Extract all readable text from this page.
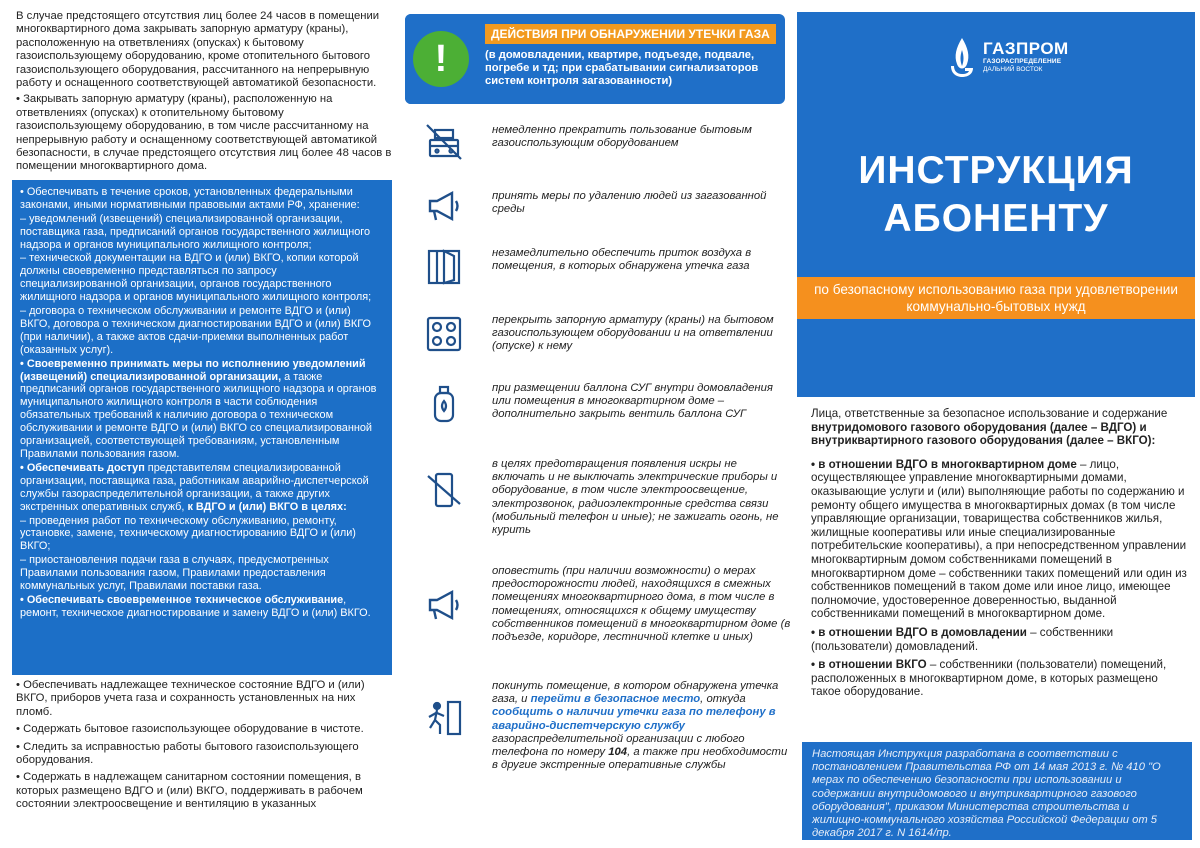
В случае предстоящего отсутствия лиц более 24 часов в помещении многоквартирного дома закрывать запорную арматуру (краны), расположенную на ответвлениях (опусках) к бытовому газоиспользующему оборудованию, кроме отопительного бытового газоиспользующего оборудования, рассчитанного на непрерывную работу и оснащенного соответствующей автоматикой безопасности.

• Закрывать запорную арматуру (краны), расположенную на ответвлениях (опусках) к отопительному бытовому газоиспользующему оборудованию, в том числе рассчитанному на непрерывную работу и оснащенному соответствующей автоматикой безопасности, в случае предстоящего отсутствия лиц более 48 часов в помещении многоквартирного дома.

• Обеспечивать в течение сроков, установленных федеральными законами, иными нормативными правовыми актами РФ, хранение:

– уведомлений (извещений) специализированной организации, поставщика газа, предписаний органов государственного жилищного надзора и органов муниципального жилищного контроля;

– технической документации на ВДГО и (или) ВКГО, копии которой должны своевременно представляться по запросу специализированной организации, органов государственного жилищного надзора и органов муниципального жилищного контроля;

– договора о техническом обслуживании и ремонте ВДГО и (или) ВКГО, договора о техническом диагностировании ВДГО и (или) ВКГО (при наличии), а также актов сдачи-приемки выполненных работ (оказанных услуг).

• Своевременно принимать меры по исполнению уведомлений (извещений) специализированной организации, а также предписаний органов государственного жилищного надзора и органов муниципального жилищного контроля в части соблюдения обязательных требований к наличию договора о техническом обслуживании и ремонте ВДГО и (или) ВКГО со специализированной организацией, соответствующей требованиям, установленным Правилами пользования газом.

• Обеспечивать доступ представителям специализированной организации, поставщика газа, работникам аварийно-диспетчерской службы газораспределительной организации, а также других экстренных оперативных служб, к ВДГО и (или) ВКГО в целях:

– проведения работ по техническому обслуживанию, ремонту, установке, замене, техническому диагностированию ВДГО и (или) ВКГО;

– приостановления подачи газа в случаях, предусмотренных Правилами пользования газом, Правилами предоставления коммунальных услуг, Правилами поставки газа.

• Обеспечивать своевременное техническое обслуживание, ремонт, техническое диагностирование и замену ВДГО и (или) ВКГО.

• Обеспечивать надлежащее техническое состояние ВДГО и (или) ВКГО, приборов учета газа и сохранность установленных на них пломб.

• Содержать бытовое газоиспользующее оборудование в чистоте.

• Следить за исправностью работы бытового газоиспользующего оборудования.

• Содержать в надлежащем санитарном состоянии помещения, в которых размещено ВДГО и (или) ВКГО, поддерживать в рабочем состоянии электроосвещение и вентиляцию в указанных

!
ДЕЙСТВИЯ ПРИ ОБНАРУЖЕНИИ УТЕЧКИ ГАЗА
(в домовладении, квартире, подъезде, подвале, погребе и тд; при срабатывании сигнализаторов систем контроля загазованности)
немедленно прекратить пользование бытовым газоиспользующим оборудованием
принять меры по удалению людей из загазованной среды
незамедлительно обеспечить приток воздуха в помещения, в которых обнаружена утечка газа
перекрыть запорную арматуру (краны) на бытовом газоиспользующем оборудовании и на ответвлении (опуске) к нему
при размещении баллона СУГ внутри домовладения или помещения в многоквартирном доме – дополнительно закрыть вентиль баллона СУГ
в целях предотвращения появления искры не включать и не выключать электрические приборы и оборудование, в том числе электроосвещение, электрозвонок, радиоэлектронные средства связи (мобильный телефон и иные); не зажигать огонь, не курить
оповестить (при наличии возможности) о мерах предосторожности людей, находящихся в смежных помещениях многоквартирного дома, в том числе в помещениях, относящихся к общему имуществу собственников помещений в многоквартирном доме (в подъезде, коридоре, лестничной клетке и иных)
покинуть помещение, в котором обнаружена утечка газа, и перейти в безопасное место, откуда сообщить о наличии утечки газа по телефону в аварийно-диспетчерскую службу газораспределительной организации с любого телефона по номеру 104, а также при необходимости в другие экстренные оперативные службы
ГАЗПРОМ
ГАЗОРАСПРЕДЕЛЕНИЕ
ДАЛЬНИЙ ВОСТОК
ИНСТРУКЦИЯ
АБОНЕНТУ
по безопасному использованию газа при удовлетворении коммунально-бытовых нужд

Лица, ответственные за безопасное использование и содержание внутридомового газового оборудования (далее – ВДГО) и внутриквартирного газового оборудования (далее – ВКГО):

• в отношении ВДГО в многоквартирном доме – лицо, осуществляющее управление многоквартирными домами, оказывающие услуги и (или) выполняющие работы по содержанию и ремонту общего имущества в многоквартирных домах (в том числе управляющие организации, товарищества собственников жилья, жилищные кооперативы или иные специализированные потребительские кооперативы), а при непосредственном управлении многоквартирным домом собственниками помещений в многоквартирном доме – собственники таких помещений или один из собственников помещений в таком доме или иное лицо, имеющее полномочие, удостоверенное доверенностью, выданной собственниками помещений в многоквартирном доме.

• в отношении ВДГО в домовладении – собственники (пользователи) домовладений.

• в отношении ВКГО – собственники (пользователи) помещений, расположенных в многоквартирном доме, в которых размещено такое оборудование.

Настоящая Инструкция разработана в соответствии с постановлением Правительства РФ от 14 мая 2013 г. № 410 "О мерах по обеспечению безопасности при использовании и содержании внутридомового и внутриквартирного газового оборудования", приказом Министерства строительства и жилищно-коммунального хозяйства Российской Федерации от 5 декабря 2017 г. N 1614/пр.
